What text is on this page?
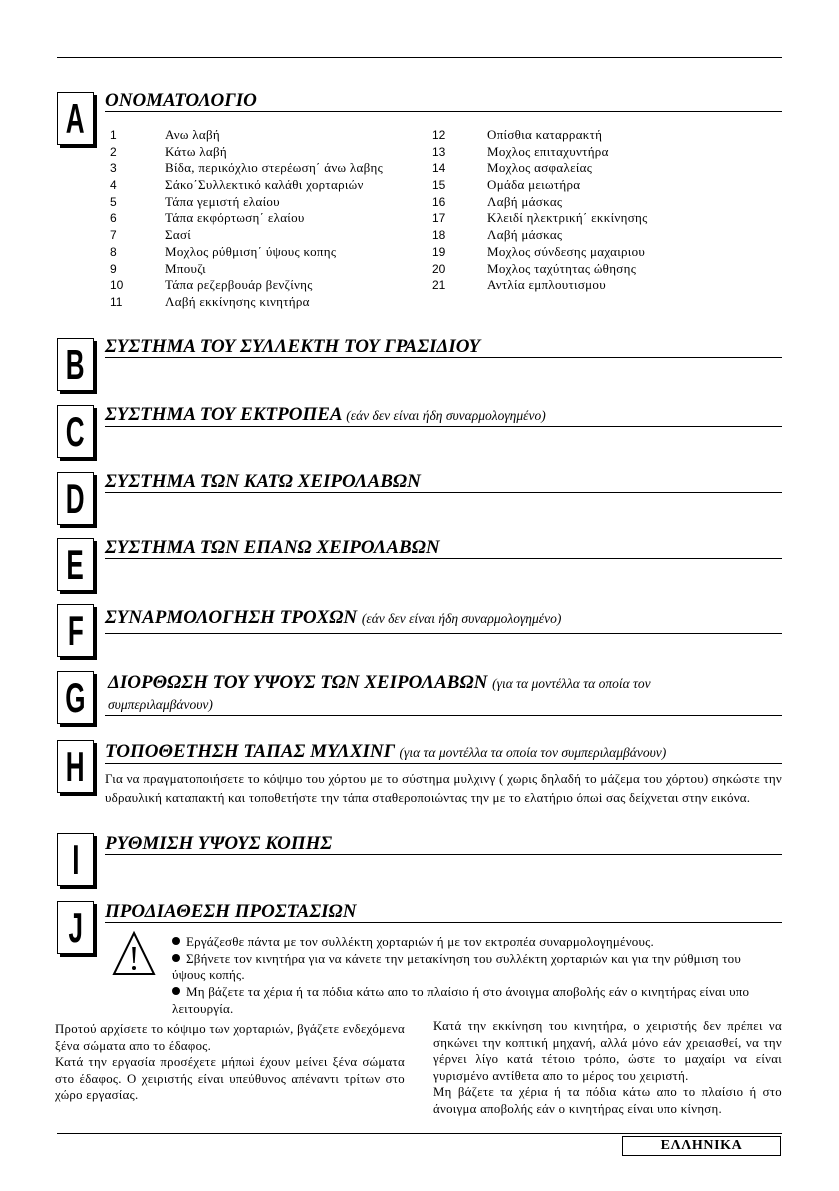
A ΟΝΟΜΑΤΟΛΟΓΙΟ
1	Ανω λαβή
2	Κάτω λαβή
3	Βίδα, περικόχλιο στερέωση΄ άνω λαβης
4	Σάκο΄Συλλεκτικό καλάθι χορταριών
5	Τάπα γεμιστή ελαίου
6	Τάπα εκφόρτωση΄ ελαίου
7	Σασί
8	Μοχλος ρύθμιση΄ ύψους κοπης
9	Μπουζι
10	Τάπα ρεζερβουάρ βενζίνης
11	Λαβή εκκίνησης κινητήρα
12	Οπίσθια καταρρακτή
13	Μοχλος επιταχυντήρα
14	Μοχλος ασφαλείας
15	Ομάδα μειωτήρα
16	Λαβή μάσκας
17	Κλειδί ηλεκτρική΄ εκκίνησης
18	Λαβή μάσκας
19	Μοχλος σύνδεσης μαχαιριου
20	Μοχλος ταχύτητας ώθησης
21	Αντλία εμπλουτισμου
B ΣΥΣΤΗΜΑ ΤΟΥ ΣΥΛΛΕΚΤΗ ΤΟΥ ΓΡΑΣΙΔΙΟΥ
C ΣΥΣΤΗΜΑ ΤΟΥ ΕΚΤΡΟΠΕΑ (εάν δεν είναι ήδη συναρμολογημένο)
D ΣΥΣΤΗΜΑ ΤΩΝ ΚΑΤΩ ΧΕΙΡΟΛΑΒΩΝ
E ΣΥΣΤΗΜΑ ΤΩΝ ΕΠΑΝΩ ΧΕΙΡΟΛΑΒΩΝ
F ΣΥΝΑΡΜΟΛΟΓΗΣΗ ΤΡΟΧΩΝ (εάν δεν είναι ήδη συναρμολογημένο)
G ΔΙΟΡΘΩΣΗ ΤΟΥ ΥΨΟΥΣ ΤΩΝ ΧΕΙΡΟΛΑΒΩΝ (για τα μοντέλλα τα οποία τον συμπεριλαμβάνουν)
H ΤΟΠΟΘΕΤΗΣΗ ΤΑΠΑΣ ΜΥΛΧΙΝΓ (για τα μοντέλλα τα οποία τον συμπεριλαμβάνουν)
Για να πραγματοποιήσετε το κόψιμο του χόρτου με το σύστημα μυλχινγ ( χωρις δηλαδή το μάζεμα του χόρτου) σηκώστε την υδραυλική καταπακτή και τοποθετήστε την τάπα σταθεροποιώντας την με το ελατήριο όπωi σας δείχνεται στην εικόνα.
I ΡΥΘΜΙΣΗ ΥΨΟΥΣ ΚΟΠΗΣ
J ΠΡΟΔΙΑΘΕΣΗ ΠΡΟΣΤΑΣΙΩΝ
Εργάζεσθε πάντα με τον συλλέκτη χορταριών ή με τον εκτροπέα συναρμολογημένους.
Σβήνετε τον κινητήρα για να κάνετε την μετακίνηση του συλλέκτη χορταριών και για την ρύθμιση του ύψους κοπής.
Μη βάζετε τα χέρια ή τα πόδια κάτω απο το πλαίσιο ή στο άνοιγμα αποβολής εάν ο κινητήρας είναι υπο λειτουργία.

Προτού αρχίσετε το κόψιμο των χορταριών, βγάζετε ενδεχόμενα ξένα σώματα απο το έδαφος.

Κατά την εργασία προσέχετε μήπωi έχουν μείνει ξένα σώματα στο έδαφος. Ο χειριστής είναι υπεύθυνος απέναντι τρίτων στο χώρο εργασίας.

Κατά την εκκίνηση του κινητήρα, ο χειριστής δεν πρέπει να σηκώνει την κοπτική μηχανή, αλλά μόνο εάν χρειασθεί, να την γέρνει λίγο κατά τέτοιο τρόπο, ώστε το μαχαίρι να είναι γυρισμένο αντίθετα απο το μέρος του χειριστή.

Μη βάζετε τα χέρια ή τα πόδια κάτω απο το πλαίσιο ή στο άνοιγμα αποβολής εάν ο κινητήρας είναι υπο κίνηση.

ΕΛΛΗΝΙΚΑ
